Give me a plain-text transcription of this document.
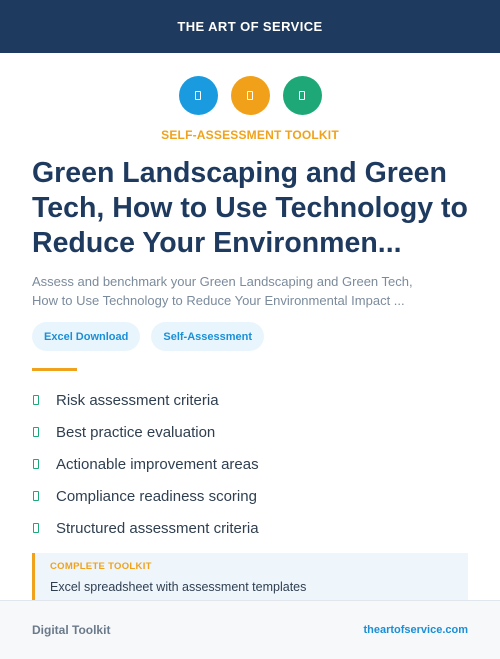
THE ART OF SERVICE
SELF-ASSESSMENT TOOLKIT
Green Landscaping and Green
Tech, How to Use Technology to
Reduce Your Environmen...

Assess and benchmark your Green Landscaping and Green Tech,
How to Use Technology to Reduce Your Environmental Impact ...

Excel Download	Self-Assessment
Risk assessment criteria
Best practice evaluation
Actionable improvement areas
Compliance readiness scoring
Structured assessment criteria
COMPLETE TOOLKIT
Excel spreadsheet with assessment templates
Digital Toolkit	theartofservice.com
